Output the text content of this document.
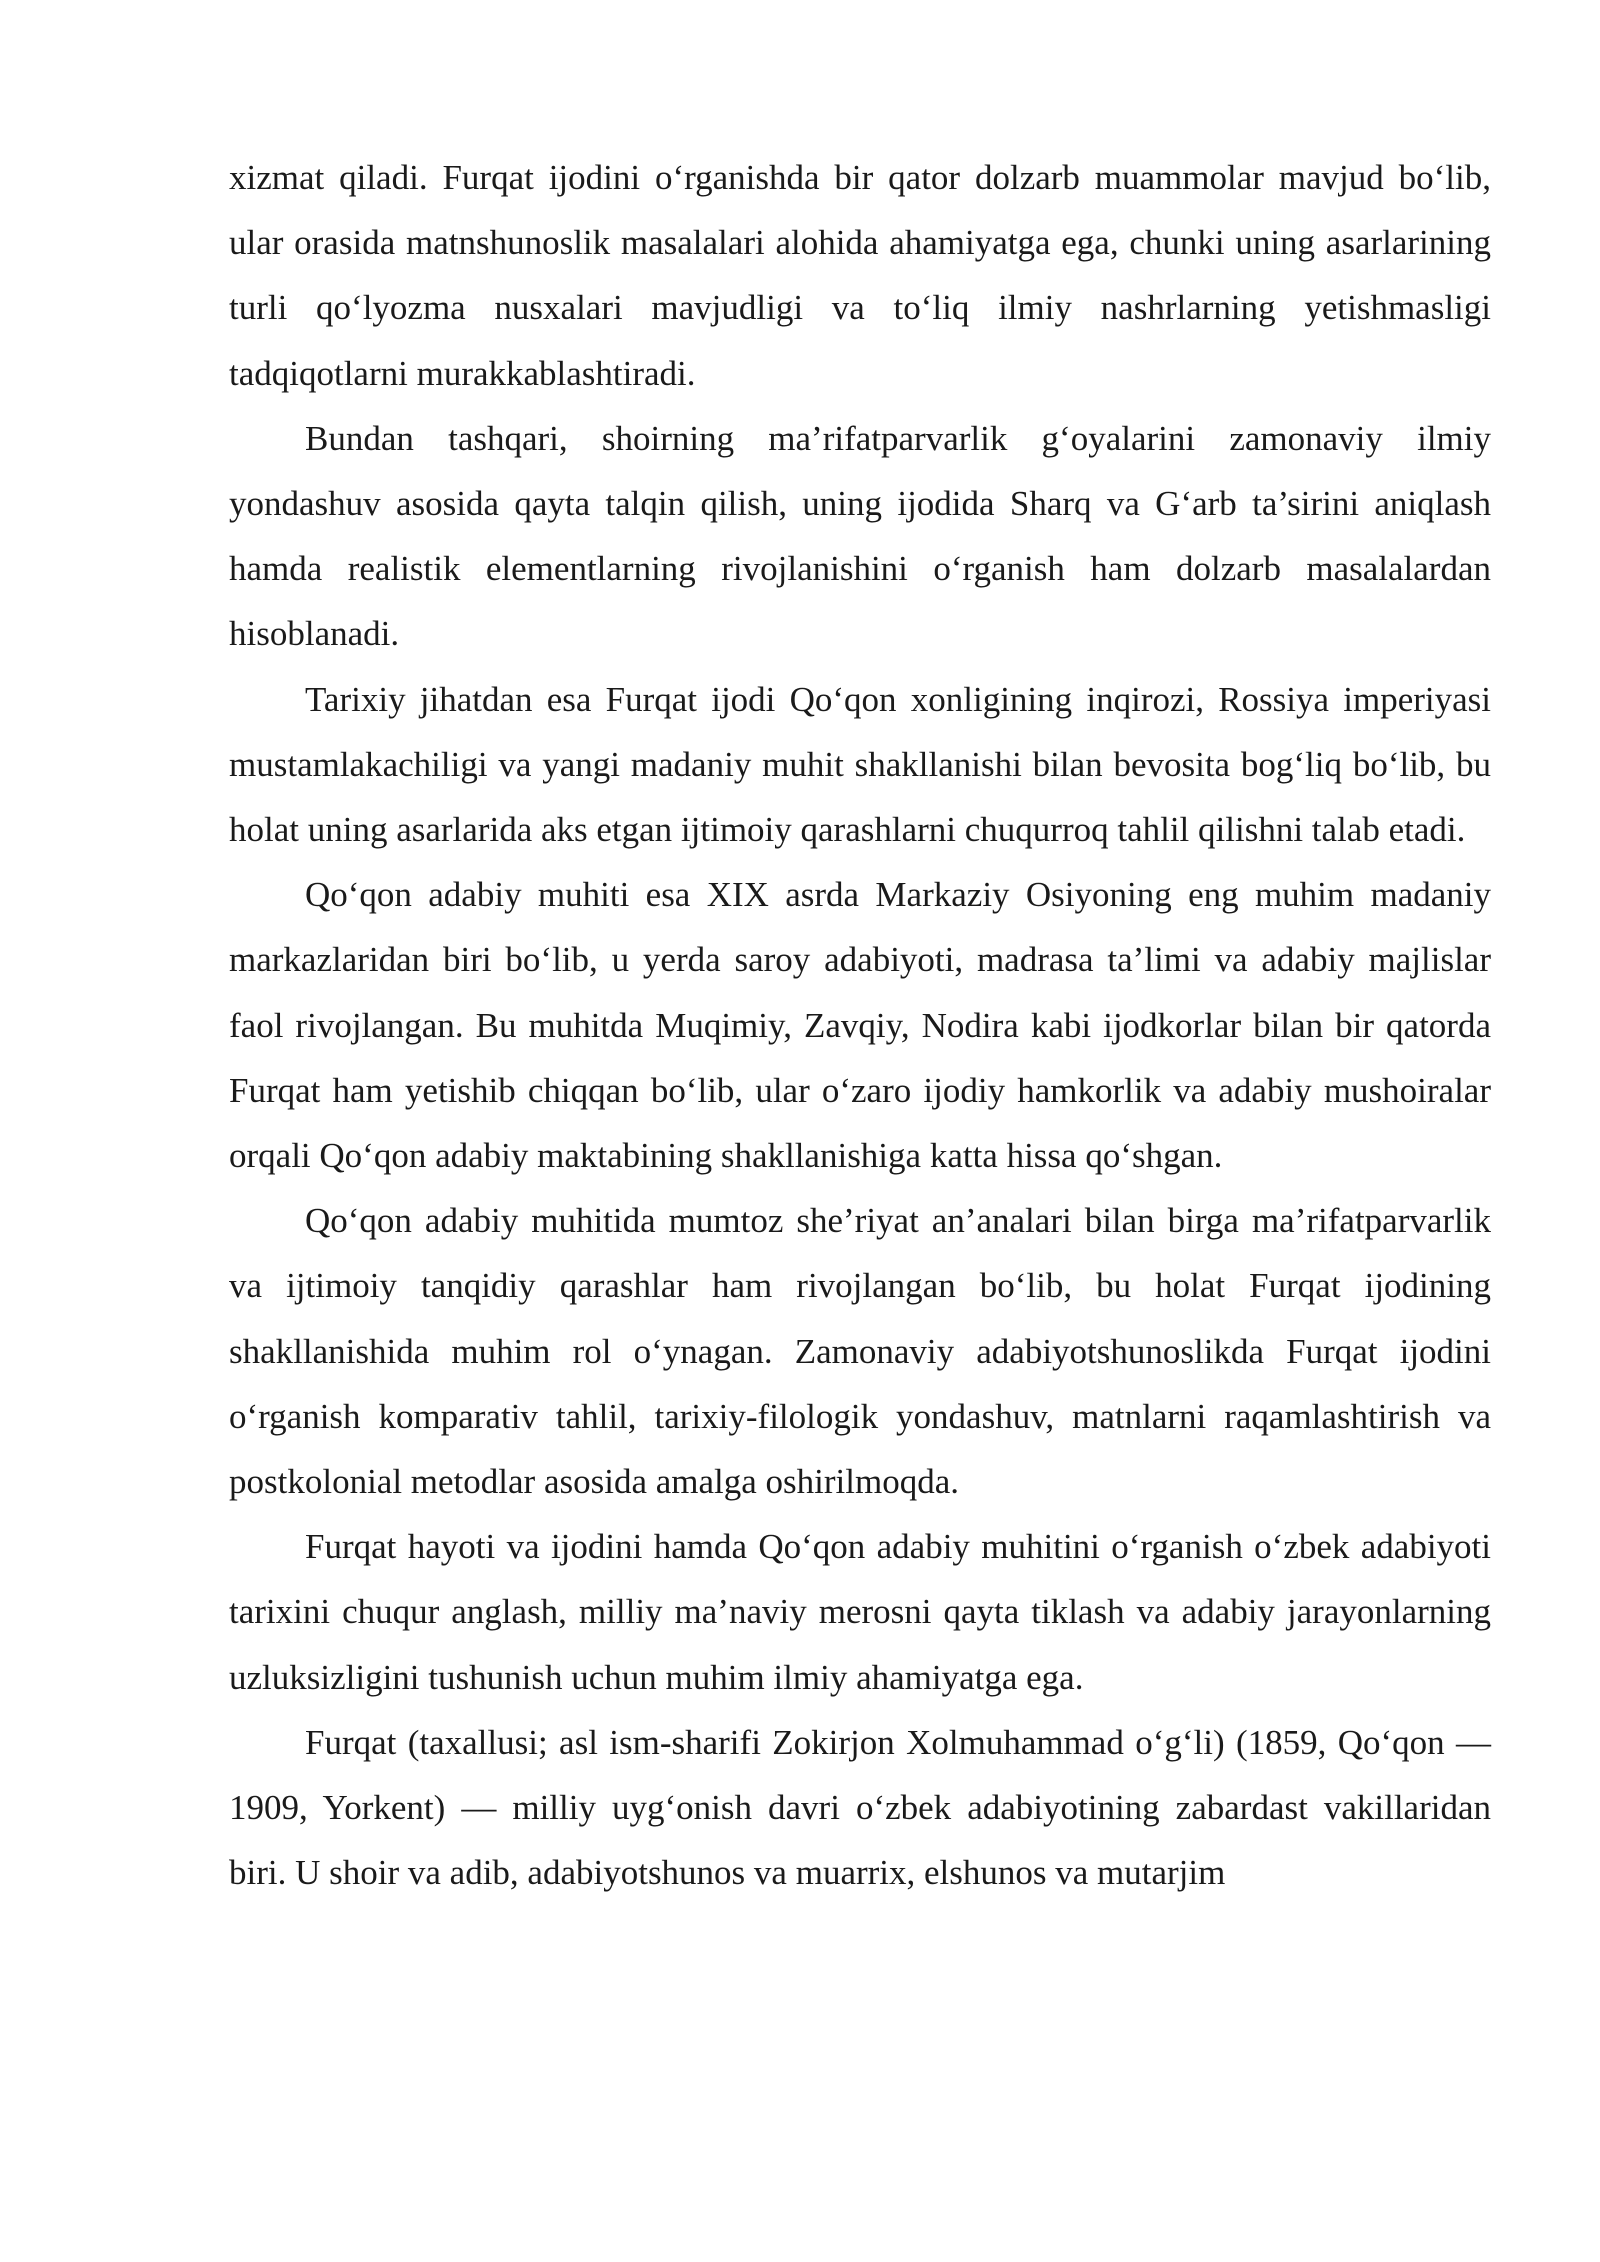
xizmat qiladi. Furqat ijodini o‘rganishda bir qator dolzarb muammolar mavjud bo‘lib, ular orasida matnshunoslik masalalari alohida ahamiyatga ega, chunki uning asarlarining turli qo‘lyozma nusxalari mavjudligi va to‘liq ilmiy nashrlarning yetishmasligi tadqiqotlarni murakkablashtiradi.

Bundan tashqari, shoirning ma’rifatparvarlik g‘oyalarini zamonaviy ilmiy yondashuv asosida qayta talqin qilish, uning ijodida Sharq va G‘arb ta’sirini aniqlash hamda realistik elementlarning rivojlanishini o‘rganish ham dolzarb masalalardan hisoblanadi.

Tarixiy jihatdan esa Furqat ijodi Qo‘qon xonligining inqirozi, Rossiya imperiyasi mustamlakachiligi va yangi madaniy muhit shakllanishi bilan bevosita bog‘liq bo‘lib, bu holat uning asarlarida aks etgan ijtimoiy qarashlarni chuqurroq tahlil qilishni talab etadi.

Qo‘qon adabiy muhiti esa XIX asrda Markaziy Osiyoning eng muhim madaniy markazlaridan biri bo‘lib, u yerda saroy adabiyoti, madrasa ta’limi va adabiy majlislar faol rivojlangan. Bu muhitda Muqimiy, Zavqiy, Nodira kabi ijodkorlar bilan bir qatorda Furqat ham yetishib chiqqan bo‘lib, ular o‘zaro ijodiy hamkorlik va adabiy mushoiralar orqali Qo‘qon adabiy maktabining shakllanishiga katta hissa qo‘shgan.

Qo‘qon adabiy muhitida mumtoz she’riyat an’analari bilan birga ma’rifatparvarlik va ijtimoiy tanqidiy qarashlar ham rivojlangan bo‘lib, bu holat Furqat ijodining shakllanishida muhim rol o‘ynagan. Zamonaviy adabiyotshunoslikda Furqat ijodini o‘rganish komparativ tahlil, tarixiy-filologik yondashuv, matnlarni raqamlashtirish va postkolonial metodlar asosida amalga oshirilmoqda.

Furqat hayoti va ijodini hamda Qo‘qon adabiy muhitini o‘rganish o‘zbek adabiyoti tarixini chuqur anglash, milliy ma’naviy merosni qayta tiklash va adabiy jarayonlarning uzluksizligini tushunish uchun muhim ilmiy ahamiyatga ega.

Furqat (taxallusi; asl ism-sharifi Zokirjon Xolmuhammad o‘g‘li) (1859, Qo‘qon —1909, Yorkent) — milliy uyg‘onish davri o‘zbek adabiyotining zabardast vakillaridan biri. U shoir va adib, adabiyotshunos va muarrix, elshunos va mutarjim
